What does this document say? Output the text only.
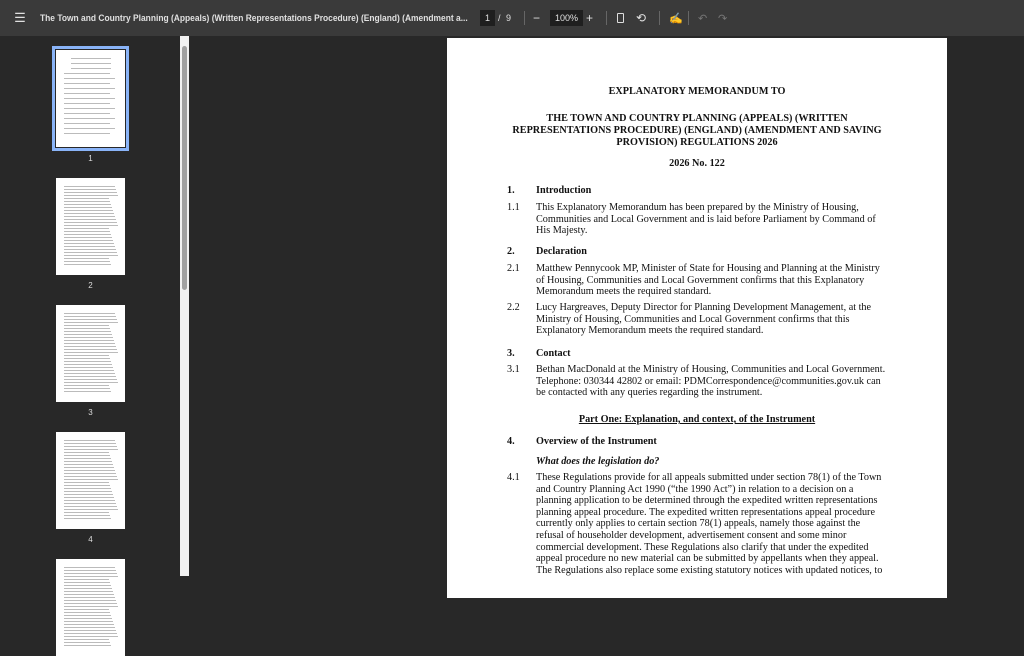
☰	The Town and Country Planning (Appeals) (Written Representations Procedure) (England) (Amendment a...	1 / 9 −	100% +	⟲ ✍ ↶ ↷
1
2
3
4
EXPLANATORY MEMORANDUM TO
THE TOWN AND COUNTRY PLANNING (APPEALS) (WRITTEN
REPRESENTATIONS PROCEDURE) (ENGLAND) (AMENDMENT AND SAVING
PROVISION) REGULATIONS 2026
2026 No. 122
1. Introduction
1.1 This Explanatory Memorandum has been prepared by the Ministry of Housing,
Communities and Local Government and is laid before Parliament by Command of
His Majesty.
2. Declaration
2.1 Matthew Pennycook MP, Minister of State for Housing and Planning at the Ministry
of Housing, Communities and Local Government confirms that this Explanatory
Memorandum meets the required standard.
2.2 Lucy Hargreaves, Deputy Director for Planning Development Management, at the
Ministry of Housing, Communities and Local Government confirms that this
Explanatory Memorandum meets the required standard.
3. Contact
3.1 Bethan MacDonald at the Ministry of Housing, Communities and Local Government.
Telephone: 030344 42802 or email: PDMCorrespondence@communities.gov.uk can
be contacted with any queries regarding the instrument.
Part One: Explanation, and context, of the Instrument
4. Overview of the Instrument
What does the legislation do?
4.1 These Regulations provide for all appeals submitted under section 78(1) of the Town
and Country Planning Act 1990 (“the 1990 Act”) in relation to a decision on a
planning application to be determined through the expedited written representations
planning appeal procedure. The expedited written representations appeal procedure
currently only applies to certain section 78(1) appeals, namely those against the
refusal of householder development, advertisement consent and some minor
commercial development. These Regulations also clarify that under the expedited
appeal procedure no new material can be submitted by appellants when they appeal.
The Regulations also replace some existing statutory notices with updated notices, to
